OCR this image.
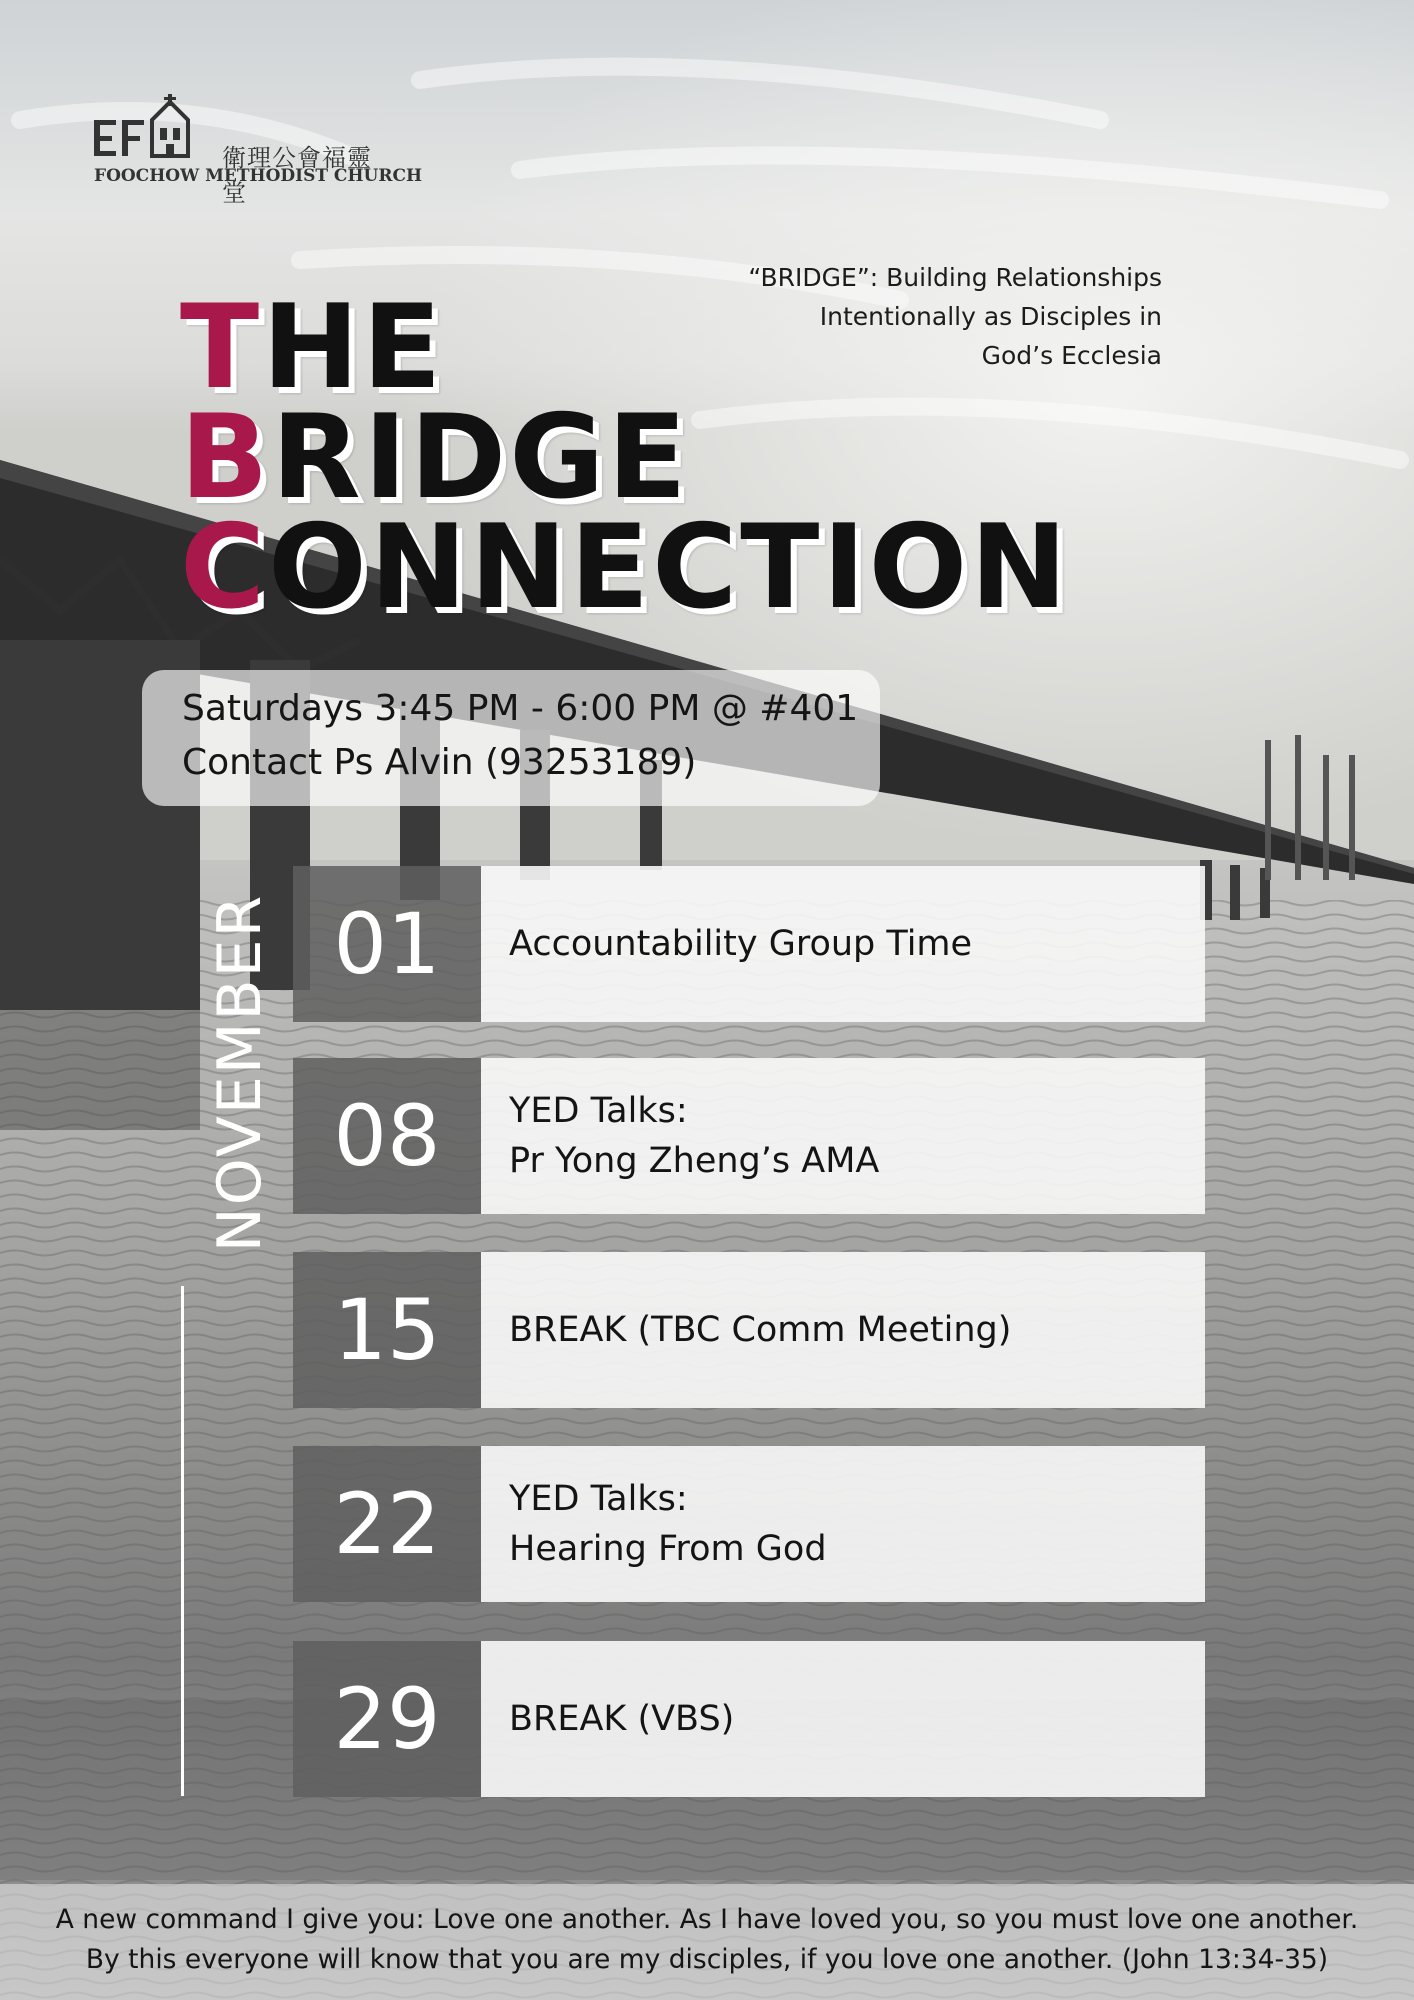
衛理公會福靈堂
FOOCHOW METHODIST CHURCH
“BRIDGE”: Building Relationships
Intentionally as Disciples in
God’s Ecclesia
THE
BRIDGE
CONNECTION
Saturdays 3:45 PM - 6:00 PM @ #401
Contact Ps Alvin (93253189)
NOVEMBER 01	Accountability Group Time
08	YED Talks:
Pr Yong Zheng’s AMA
15	BREAK (TBC Comm Meeting)
22	YED Talks:
Hearing From God
29	BREAK (VBS)
A new command I give you: Love one another. As I have loved you, so you must love one another.
By this everyone will know that you are my disciples, if you love one another. (John 13:34-35)
